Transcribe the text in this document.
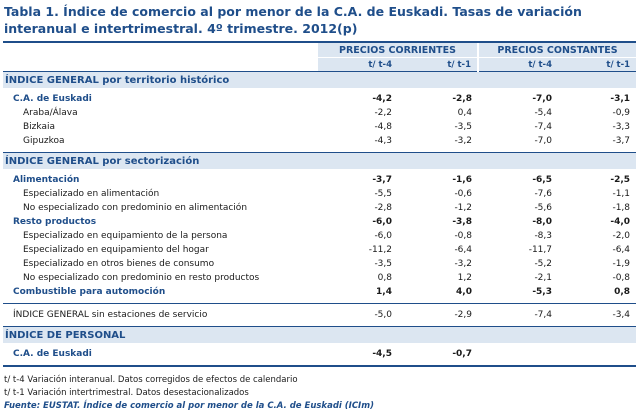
Tabla 1. Índice de comercio al por menor de la C.A. de Euskadi. Tasas de variación interanual e intertrimestral. 4º trimestre. 2012(p)
	PRECIOS CORRIENTES		PRECIOS CONSTANTES	
	t/ t-4	t/ t-1	t/ t-4	t/ t-1
ÍNDICE GENERAL por territorio histórico				

C.A. de Euskadi	-4,2	-2,8	-7,0	-3,1
Araba/Álava	-2,2	0,4	-5,4	-0,9
Bizkaia	-4,8	-3,5	-7,4	-3,3
Gipuzkoa	-4,3	-3,2	-7,0	-3,7

ÍNDICE GENERAL por sectorización				

Alimentación	-3,7	-1,6	-6,5	-2,5
Especializado en alimentación	-5,5	-0,6	-7,6	-1,1
No especializado con predominio en alimentación	-2,8	-1,2	-5,6	-1,8
Resto productos	-6,0	-3,8	-8,0	-4,0
Especializado en equipamiento de la persona	-6,0	-0,8	-8,3	-2,0
Especializado en equipamiento del hogar	-11,2	-6,4	-11,7	-6,4
Especializado en otros bienes de consumo	-3,5	-3,2	-5,2	-1,9
No especializado con predominio en resto productos	0,8	1,2	-2,1	-0,8
Combustible para automoción	1,4	4,0	-5,3	0,8

ÍNDICE GENERAL sin estaciones de servicio	-5,0	-2,9	-7,4	-3,4

ÍNDICE DE PERSONAL				

C.A. de Euskadi	-4,5	-0,7		

t/ t-4 Variación interanual. Datos corregidos de efectos de calendario
t/ t-1 Variación intertrimestral. Datos desestacionalizados
Fuente: EUSTAT. Índice de comercio al por menor de la C.A. de Euskadi (ICIm)
